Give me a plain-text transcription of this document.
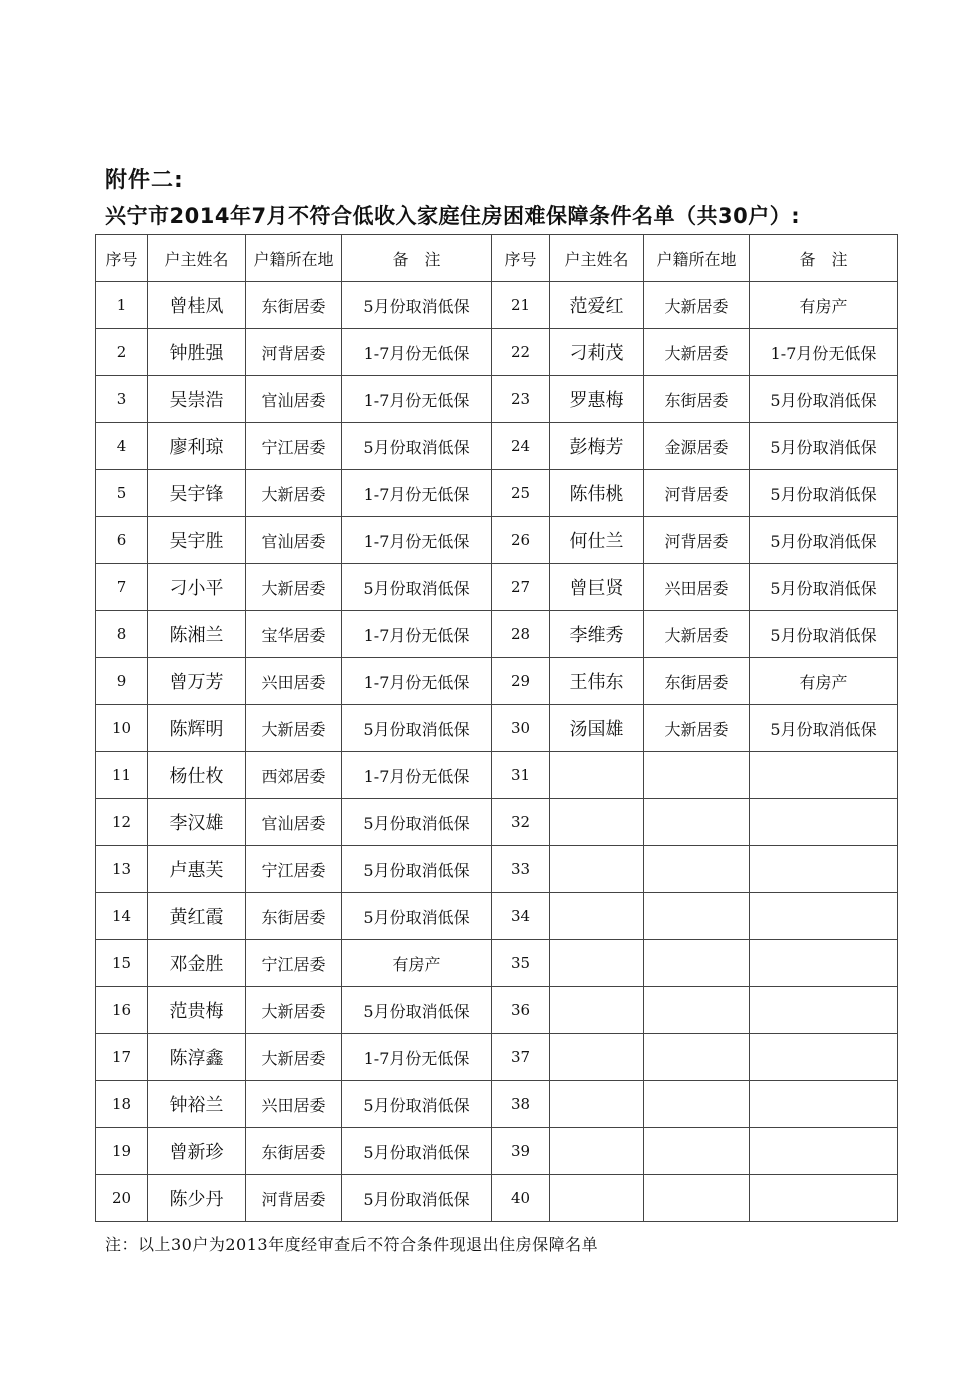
附件二:
兴宁市2014年7月不符合低收入家庭住房困难保障条件名单（共30户）:
序号	户主姓名	户籍所在地	备　注	序号	户主姓名	户籍所在地	备　注
1	曾桂凤	东街居委	5月份取消低保	21	范爱红	大新居委	有房产
2	钟胜强	河背居委	1-7月份无低保	22	刁莉茂	大新居委	1-7月份无低保
3	吴崇浩	官汕居委	1-7月份无低保	23	罗惠梅	东街居委	5月份取消低保
4	廖利琼	宁江居委	5月份取消低保	24	彭梅芳	金源居委	5月份取消低保
5	吴宇锋	大新居委	1-7月份无低保	25	陈伟桃	河背居委	5月份取消低保
6	吴宇胜	官汕居委	1-7月份无低保	26	何仕兰	河背居委	5月份取消低保
7	刁小平	大新居委	5月份取消低保	27	曾巨贤	兴田居委	5月份取消低保
8	陈湘兰	宝华居委	1-7月份无低保	28	李维秀	大新居委	5月份取消低保
9	曾万芳	兴田居委	1-7月份无低保	29	王伟东	东街居委	有房产
10	陈辉明	大新居委	5月份取消低保	30	汤国雄	大新居委	5月份取消低保
11	杨仕枚	西郊居委	1-7月份无低保	31			
12	李汉雄	官汕居委	5月份取消低保	32			
13	卢惠芙	宁江居委	5月份取消低保	33			
14	黄红霞	东街居委	5月份取消低保	34			
15	邓金胜	宁江居委	有房产	35			
16	范贵梅	大新居委	5月份取消低保	36			
17	陈淳鑫	大新居委	1-7月份无低保	37			
18	钟裕兰	兴田居委	5月份取消低保	38			
19	曾新珍	东街居委	5月份取消低保	39			
20	陈少丹	河背居委	5月份取消低保	40			
注：以上30户为2013年度经审查后不符合条件现退出住房保障名单
